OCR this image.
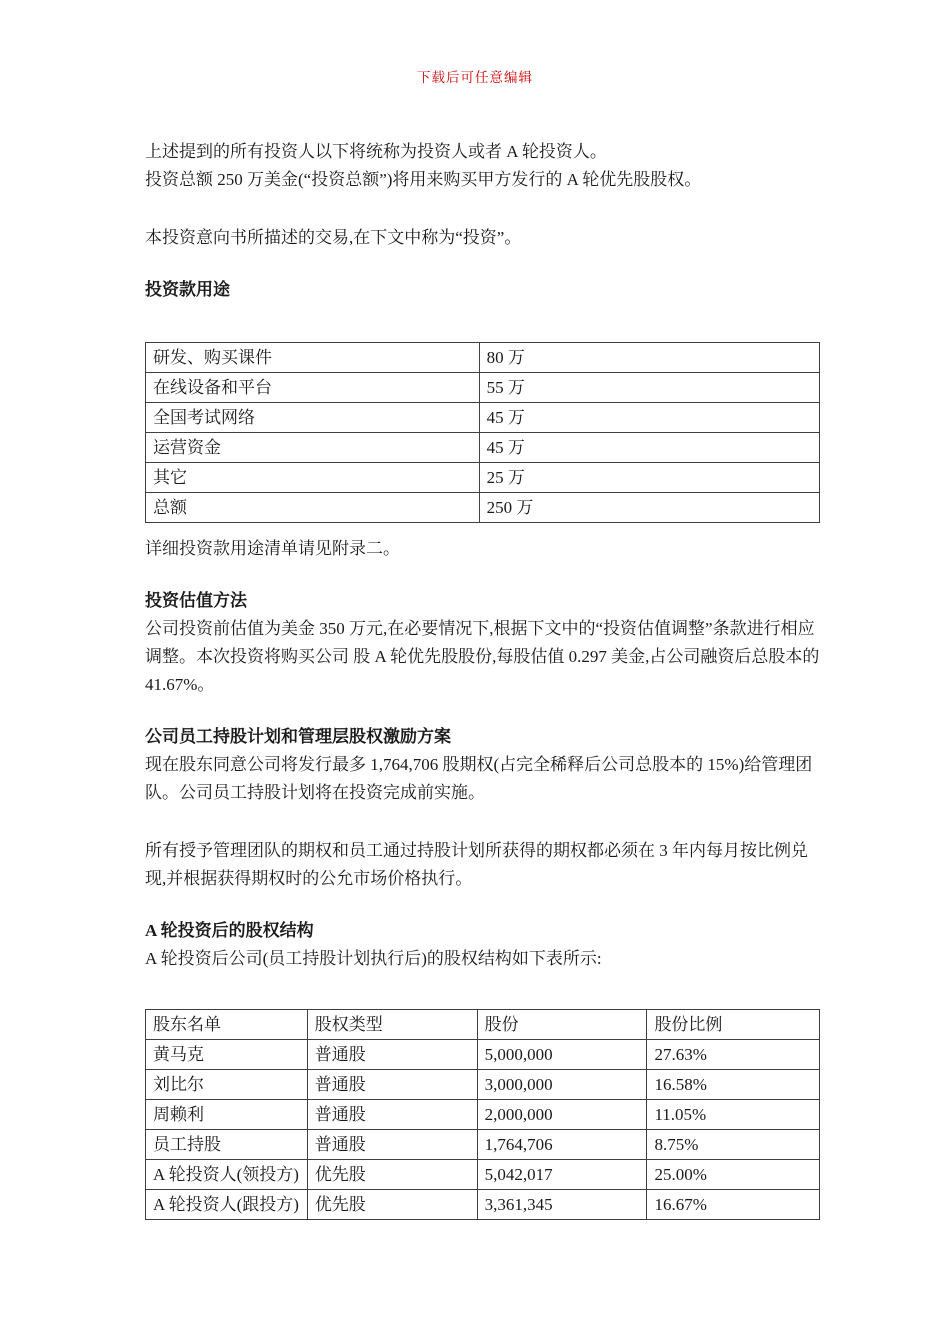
下载后可任意编辑

上述提到的所有投资人以下将统称为投资人或者 A 轮投资人。
投资总额 250 万美金(“投资总额”)将用来购买甲方发行的 A 轮优先股股权。

本投资意向书所描述的交易,在下文中称为“投资”。

投资款用途
研发、购买课件	80 万
在线设备和平台	55 万
全国考试网络	45 万
运营资金	45 万
其它	25 万
总额	250 万

详细投资款用途清单请见附录二。

投资估值方法

公司投资前估值为美金 350 万元,在必要情况下,根据下文中的“投资估值调整”条款进行相应调整。本次投资将购买公司 股 A 轮优先股股份,每股估值 0.297 美金,占公司融资后总股本的 41.67%。

公司员工持股计划和管理层股权激励方案

现在股东同意公司将发行最多 1,764,706 股期权(占完全稀释后公司总股本的 15%)给管理团队。公司员工持股计划将在投资完成前实施。

所有授予管理团队的期权和员工通过持股计划所获得的期权都必须在 3 年内每月按比例兑现,并根据获得期权时的公允市场价格执行。

A 轮投资后的股权结构

A 轮投资后公司(员工持股计划执行后)的股权结构如下表所示:

股东名单	股权类型	股份	股份比例
黄马克	普通股	5,000,000	27.63%
刘比尔	普通股	3,000,000	16.58%
周赖利	普通股	2,000,000	11.05%
员工持股	普通股	1,764,706	8.75%
A 轮投资人(领投方)	优先股	5,042,017	25.00%
A 轮投资人(跟投方)	优先股	3,361,345	16.67%
